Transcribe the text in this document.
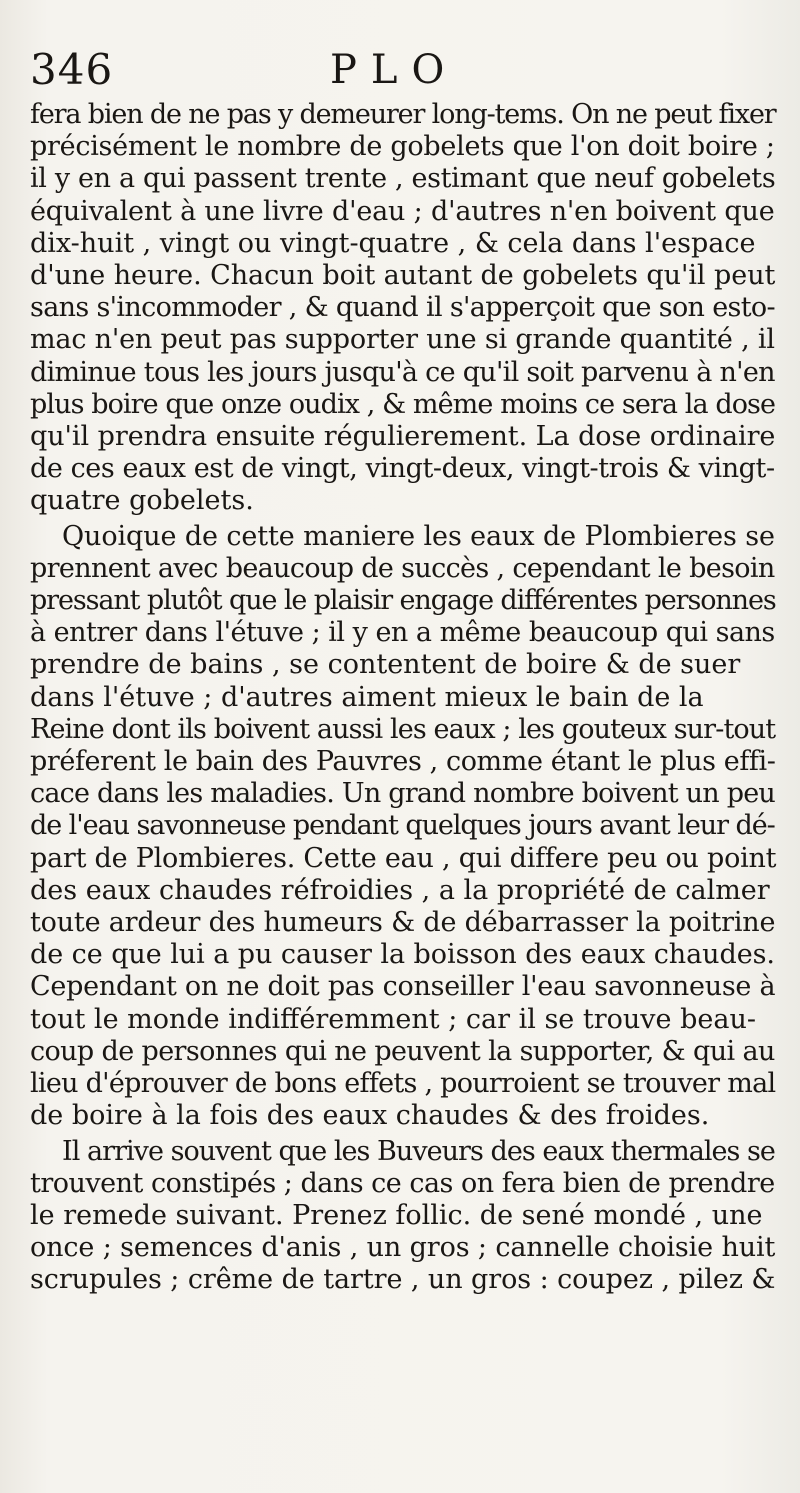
346	PLO
fera bien de ne pas y demeurer long-tems. On ne peut fixer
précisément le nombre de gobelets que l'on doit boire ;
il y en a qui passent trente , estimant que neuf gobelets
équivalent à une livre d'eau ; d'autres n'en boivent que
dix-huit , vingt ou vingt-quatre , & cela dans l'espace
d'une heure. Chacun boit autant de gobelets qu'il peut
sans s'incommoder , & quand il s'apperçoit que son esto-
mac n'en peut pas supporter une si grande quantité , il
diminue tous les jours jusqu'à ce qu'il soit parvenu à n'en
plus boire que onze oudix , & même moins ce sera la dose
qu'il prendra ensuite régulierement. La dose ordinaire
de ces eaux est de vingt, vingt-deux, vingt-trois & vingt-
quatre gobelets.
Quoique de cette maniere les eaux de Plombieres se
prennent avec beaucoup de succès , cependant le besoin
pressant plutôt que le plaisir engage différentes personnes
à entrer dans l'étuve ; il y en a même beaucoup qui sans
prendre de bains , se contentent de boire & de suer
dans l'étuve ; d'autres aiment mieux le bain de la
Reine dont ils boivent aussi les eaux ; les gouteux sur-tout
préferent le bain des Pauvres , comme étant le plus effi-
cace dans les maladies. Un grand nombre boivent un peu
de l'eau savonneuse pendant quelques jours avant leur dé-
part de Plombieres. Cette eau , qui differe peu ou point
des eaux chaudes réfroidies , a la propriété de calmer
toute ardeur des humeurs & de débarrasser la poitrine
de ce que lui a pu causer la boisson des eaux chaudes.
Cependant on ne doit pas conseiller l'eau savonneuse à
tout le monde indifféremment ; car il se trouve beau-
coup de personnes qui ne peuvent la supporter, & qui au
lieu d'éprouver de bons effets , pourroient se trouver mal
de boire à la fois des eaux chaudes & des froides.
Il arrive souvent que les Buveurs des eaux thermales se
trouvent constipés ; dans ce cas on fera bien de prendre
le remede suivant. Prenez follic. de sené mondé , une
once ; semences d'anis , un gros ; cannelle choisie huit
scrupules ; crême de tartre , un gros : coupez , pilez &
